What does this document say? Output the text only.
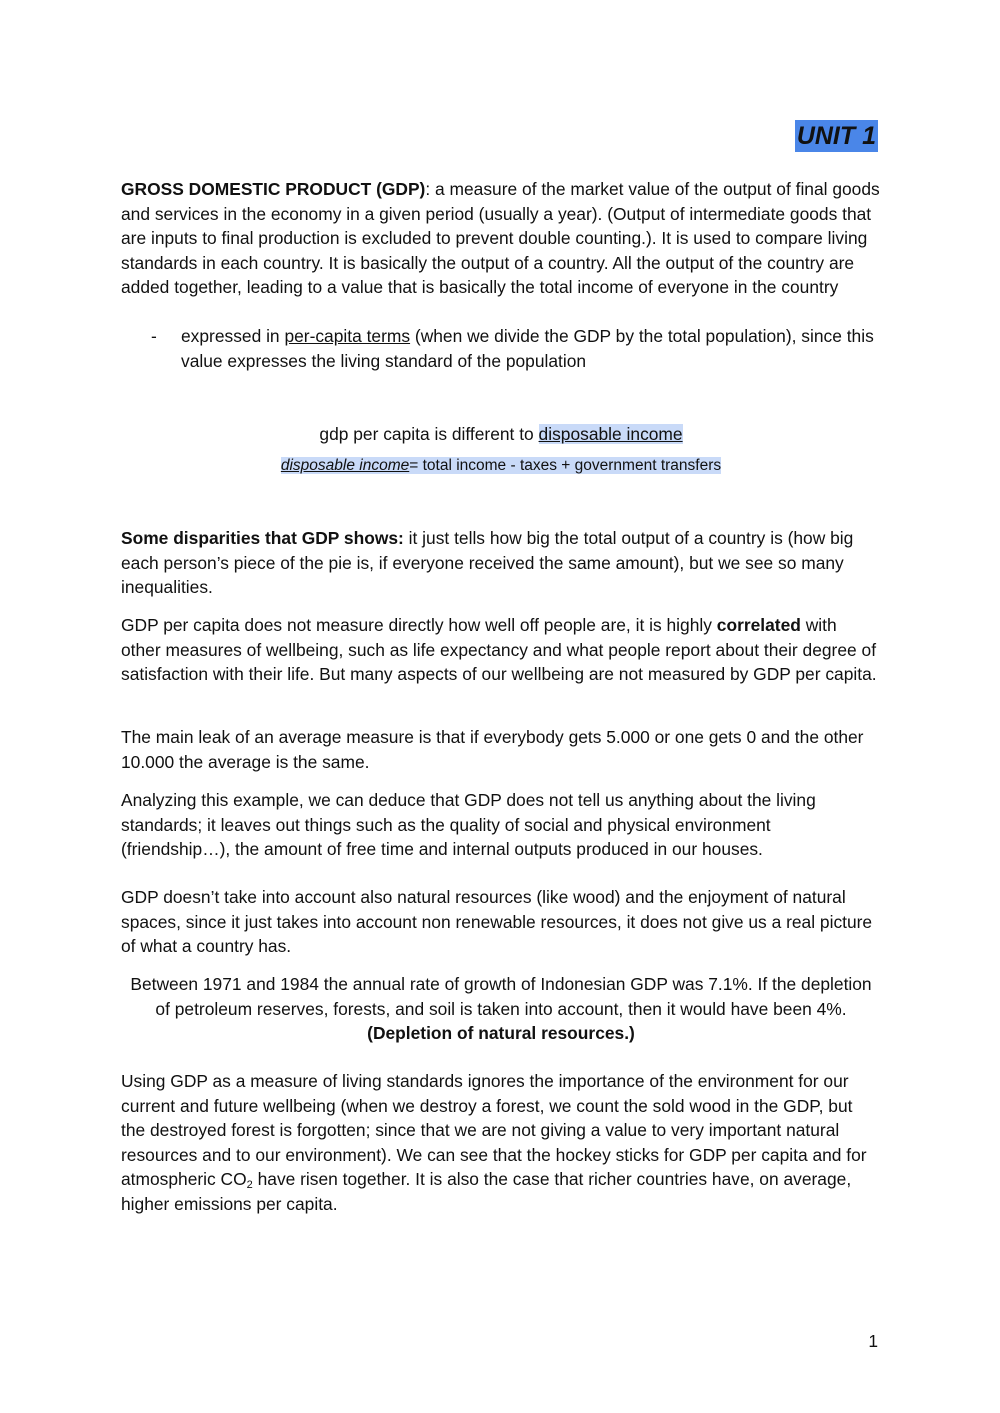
UNIT 1

GROSS DOMESTIC PRODUCT (GDP): a measure of the market value of the output of final goods and services in the economy in a given period (usually a year). (Output of intermediate goods that are inputs to final production is excluded to prevent double counting.). It is used to compare living standards in each country. It is basically the output of a country. All the output of the country are added together, leading to a value that is basically the total income of everyone in the country

- expressed in per-capita terms (when we divide the GDP by the total population), since this value expresses the living standard of the population

gdp per capita is different to disposable income

disposable income= total income - taxes + government transfers

Some disparities that GDP shows: it just tells how big the total output of a country is (how big each person’s piece of the pie is, if everyone received the same amount), but we see so many inequalities.

GDP per capita does not measure directly how well off people are, it is highly correlated with other measures of wellbeing, such as life expectancy and what people report about their degree of satisfaction with their life. But many aspects of our wellbeing are not measured by GDP per capita.

The main leak of an average measure is that if everybody gets 5.000 or one gets 0 and the other 10.000 the average is the same.

Analyzing this example, we can deduce that GDP does not tell us anything about the living standards; it leaves out things such as the quality of social and physical environment (friendship…), the amount of free time and internal outputs produced in our houses.

GDP doesn’t take into account also natural resources (like wood) and the enjoyment of natural spaces, since it just takes into account non renewable resources, it does not give us a real picture of what a country has.

Between 1971 and 1984 the annual rate of growth of Indonesian GDP was 7.1%. If the depletion of petroleum reserves, forests, and soil is taken into account, then it would have been 4%. (Depletion of natural resources.)

Using GDP as a measure of living standards ignores the importance of the environment for our current and future wellbeing (when we destroy a forest, we count the sold wood in the GDP, but the destroyed forest is forgotten; since that we are not giving a value to very important natural resources and to our environment). We can see that the hockey sticks for GDP per capita and for atmospheric $CO_2$ have risen together. It is also the case that richer countries have, on average, higher emissions per capita.

1
